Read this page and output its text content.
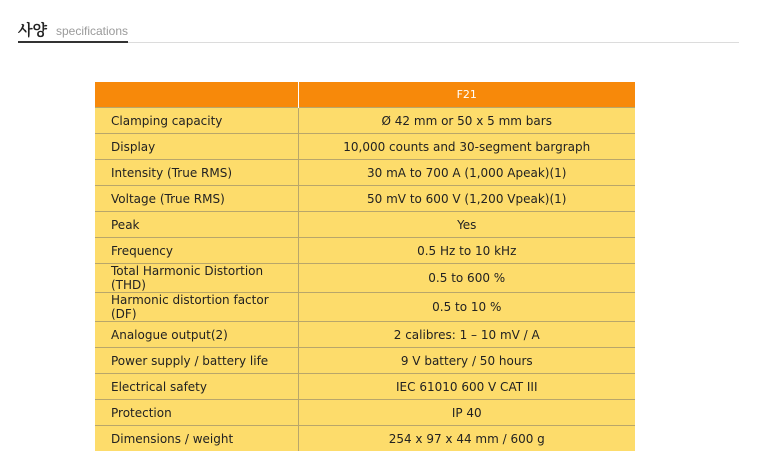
사양 specifications
	F21
Clamping capacity	Ø 42 mm or 50 x 5 mm bars
Display	10,000 counts and 30-segment bargraph
Intensity (True RMS)	30 mA to 700 A (1,000 Apeak)(1)
Voltage (True RMS)	50 mV to 600 V (1,200 Vpeak)(1)
Peak	Yes
Frequency	0.5 Hz to 10 kHz
Total Harmonic Distortion (THD)	0.5 to 600 %
Harmonic distortion factor (DF)	0.5 to 10 %
Analogue output(2)	2 calibres: 1 – 10 mV / A
Power supply / battery life	9 V battery / 50 hours
Electrical safety	IEC 61010 600 V CAT III
Protection	IP 40
Dimensions / weight	254 x 97 x 44 mm / 600 g
